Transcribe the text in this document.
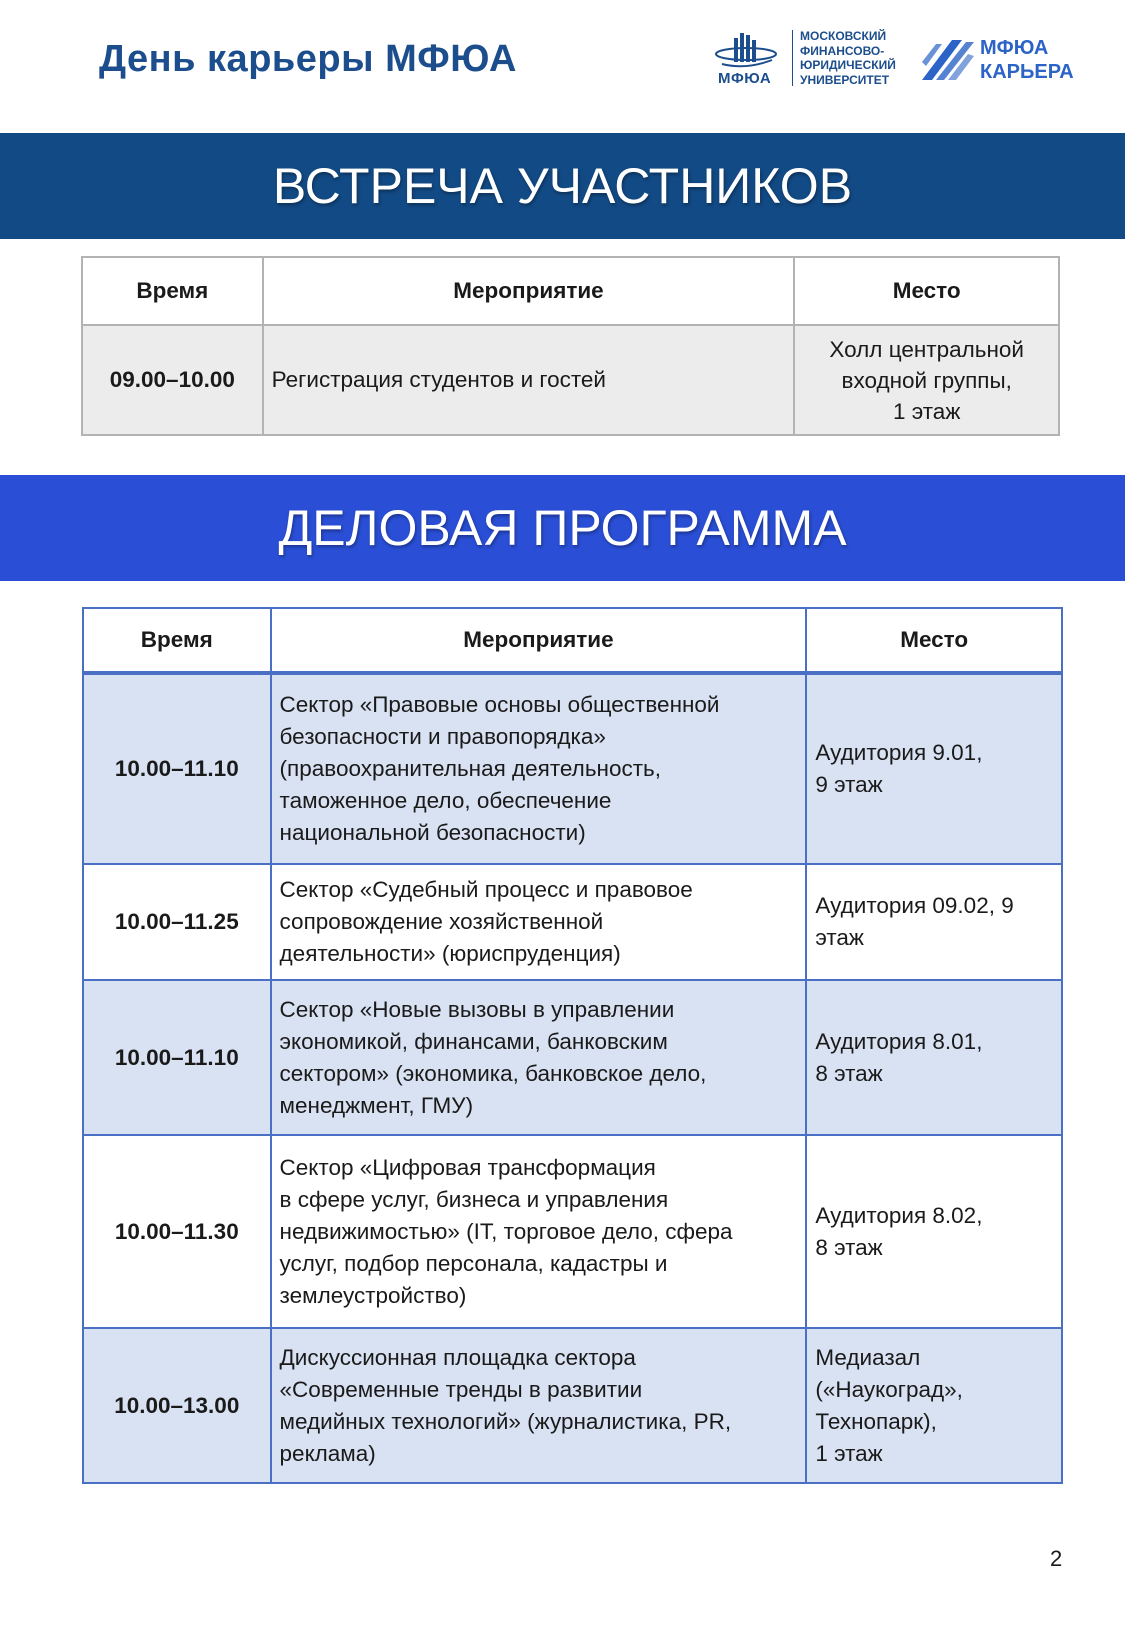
День карьеры МФЮА	МФЮА
МОСКОВСКИЙ
ФИНАНСОВО-
ЮРИДИЧЕСКИЙ
УНИВЕРСИТЕТ
МФЮА
КАРЬЕРА
ВСТРЕЧА УЧАСТНИКОВ
Время	Мероприятие	Место
09.00–10.00	Регистрация студентов и гостей	Холл центральной
входной группы,
1 этаж
ДЕЛОВАЯ ПРОГРАММА
Время	Мероприятие	Место
10.00–11.10	Сектор «Правовые основы общественной
безопасности и правопорядка»
(правоохранительная деятельность,
таможенное дело, обеспечение
национальной безопасности)	Аудитория 9.01,
9 этаж
10.00–11.25	Сектор «Судебный процесс и правовое
сопровождение хозяйственной
деятельности» (юриспруденция)	Аудитория 09.02, 9
этаж
10.00–11.10	Сектор «Новые вызовы в управлении
экономикой, финансами, банковским
сектором» (экономика, банковское дело,
менеджмент, ГМУ)	Аудитория 8.01,
8 этаж
10.00–11.30	Сектор «Цифровая трансформация
в сфере услуг, бизнеса и управления
недвижимостью» (IT, торговое дело, сфера
услуг, подбор персонала, кадастры и
землеустройство)	Аудитория 8.02,
8 этаж
10.00–13.00	Дискуссионная площадка сектора
«Современные тренды в развитии
медийных технологий» (журналистика, PR,
реклама)	Медиазал
(«Наукоград»,
Технопарк),
1 этаж
2
